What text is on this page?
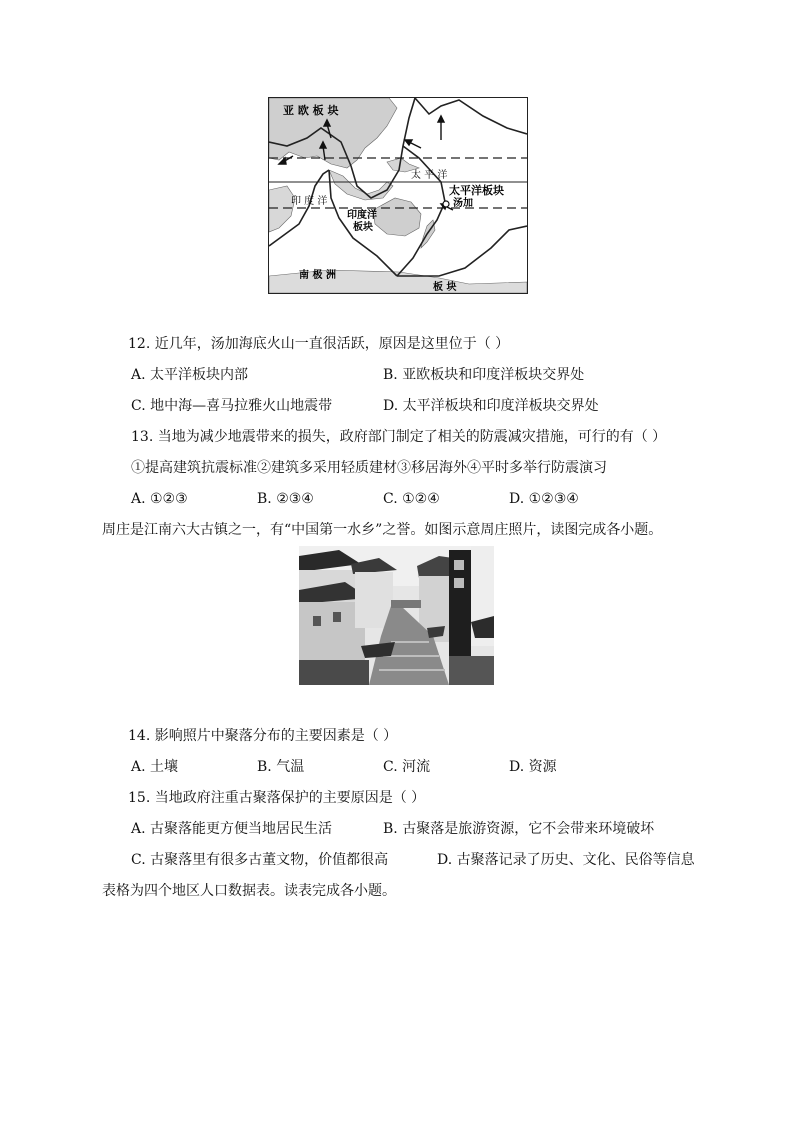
亚 欧 板 块
太 平 洋
太平洋板块
汤加
印 度 洋
印度洋
板块
南 极 洲
板 块
12. 近几年，汤加海底火山一直很活跃，原因是这里位于（ ）
A. 太平洋板块内部	B. 亚欧板块和印度洋板块交界处
C. 地中海—喜马拉雅火山地震带	D. 太平洋板块和印度洋板块交界处
13. 当地为减少地震带来的损失，政府部门制定了相关的防震减灾措施，可行的有（ ）
①提高建筑抗震标准②建筑多采用轻质建材③移居海外④平时多举行防震演习
A. ①②③	B. ②③④	C. ①②④	D. ①②③④
周庄是江南六大古镇之一，有“中国第一水乡”之誉。如图示意周庄照片，读图完成各小题。
14. 影响照片中聚落分布的主要因素是（ ）
A. 土壤	B. 气温	C. 河流	D. 资源
15. 当地政府注重古聚落保护的主要原因是（ ）
A. 古聚落能更方便当地居民生活	B. 古聚落是旅游资源，它不会带来环境破坏
C. 古聚落里有很多古董文物，价值都很高	D. 古聚落记录了历史、文化、民俗等信息
表格为四个地区人口数据表。读表完成各小题。
